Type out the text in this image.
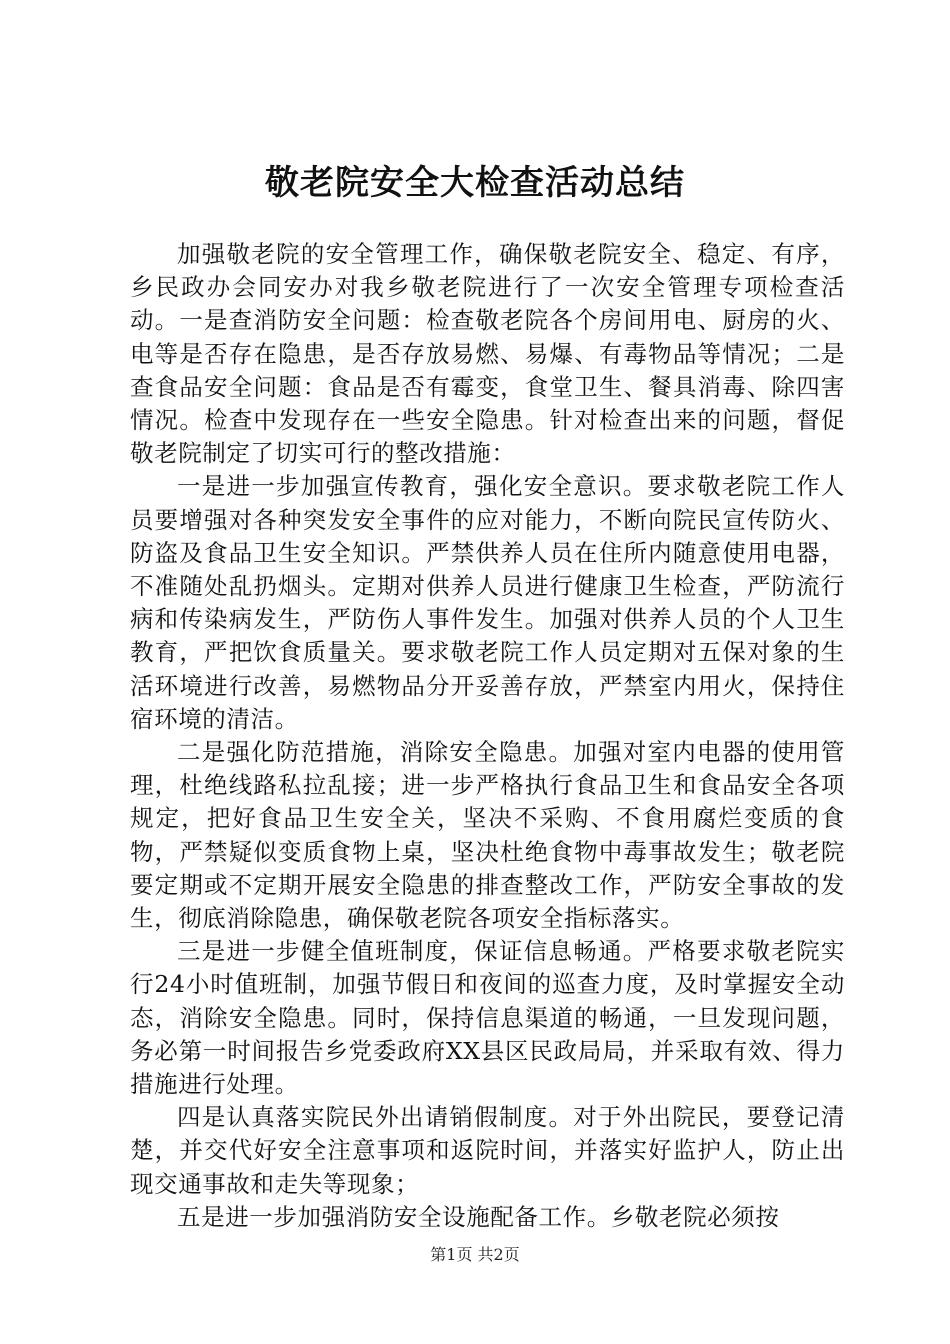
敬老院安全大检查活动总结

加强敬老院的安全管理工作，确保敬老院安全、稳定、有序，乡民政办会同安办对我乡敬老院进行了一次安全管理专项检查活动。一是查消防安全问题：检查敬老院各个房间用电、厨房的火、电等是否存在隐患，是否存放易燃、易爆、有毒物品等情况；二是查食品安全问题：食品是否有霉变，食堂卫生、餐具消毒、除四害情况。检查中发现存在一些安全隐患。针对检查出来的问题，督促敬老院制定了切实可行的整改措施：

一是进一步加强宣传教育，强化安全意识。要求敬老院工作人员要增强对各种突发安全事件的应对能力，不断向院民宣传防火、防盗及食品卫生安全知识。严禁供养人员在住所内随意使用电器，不准随处乱扔烟头。定期对供养人员进行健康卫生检查，严防流行病和传染病发生，严防伤人事件发生。加强对供养人员的个人卫生教育，严把饮食质量关。要求敬老院工作人员定期对五保对象的生活环境进行改善，易燃物品分开妥善存放，严禁室内用火，保持住宿环境的清洁。

二是强化防范措施，消除安全隐患。加强对室内电器的使用管理，杜绝线路私拉乱接；进一步严格执行食品卫生和食品安全各项规定，把好食品卫生安全关，坚决不采购、不食用腐烂变质的食物，严禁疑似变质食物上桌，坚决杜绝食物中毒事故发生；敬老院要定期或不定期开展安全隐患的排查整改工作，严防安全事故的发生，彻底消除隐患，确保敬老院各项安全指标落实。

三是进一步健全值班制度，保证信息畅通。严格要求敬老院实行24小时值班制，加强节假日和夜间的巡查力度，及时掌握安全动态，消除安全隐患。同时，保持信息渠道的畅通，一旦发现问题，务必第一时间报告乡党委政府XX县区民政局局，并采取有效、得力措施进行处理。

四是认真落实院民外出请销假制度。对于外出院民，要登记清楚，并交代好安全注意事项和返院时间，并落实好监护人，防止出现交通事故和走失等现象；

五是进一步加强消防安全设施配备工作。乡敬老院必须按

第1页 共2页
